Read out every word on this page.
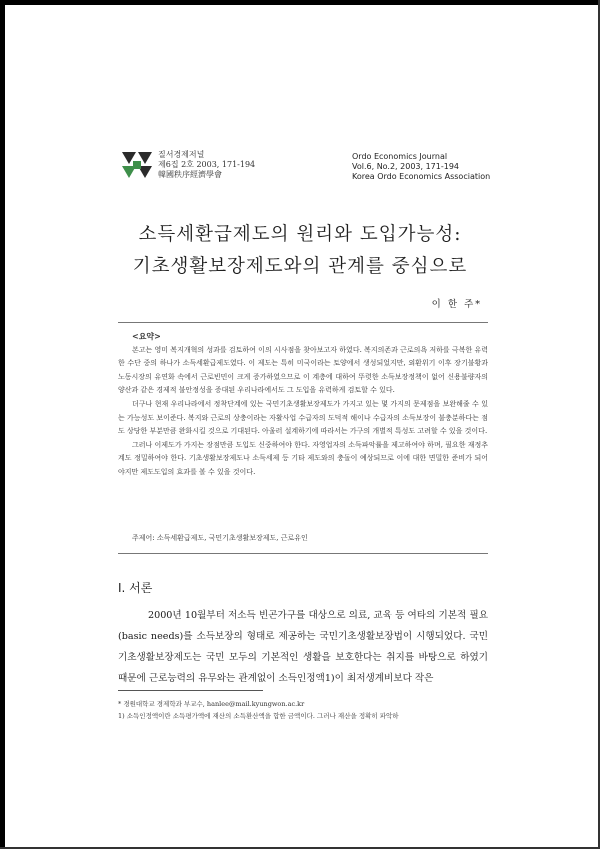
질서경제저널
제6집 2호 2003, 171-194
韓國秩序經濟學會
Ordo Economics Journal
Vol.6, No.2, 2003, 171-194
Korea Ordo Economics Association
소득세환급제도의 원리와 도입가능성:
기초생활보장제도와의 관계를 중심으로
이 한 주*
<요약>

본고는 영미 복지개혁의 성과를 검토하여 이의 시사점을 찾아보고자 하였다. 복지의존과 근로의욕 저하를 극복한 유력한 수단 중의 하나가 소득세환급제도였다. 이 제도는 특히 미국이라는 토양에서 생성되었지만, 외환위기 이후 장기불황과 노동시장의 유연화 속에서 근로빈민이 크게 증가하였으므로 이 계층에 대하여 뚜렷한 소득보장정책이 없어 신용불량자의 양산과 같은 경제적 불안정성을 증대된 우리나라에서도 그 도입을 유력하게 검토할 수 있다.

더구나 현재 우리나라에서 정착단계에 있는 국민기초생활보장제도가 가지고 있는 몇 가지의 문제점을 보완해줄 수 있는 가능성도 보이준다. 복지와 근로의 상충이라는 자활사업 수급자의 도덕적 해이나 수급자의 소득보장이 불충분하다는 점도 상당한 부분만큼 완화시킬 것으로 기대된다. 아울러 설계하기에 따라서는 가구의 개별적 특성도 고려할 수 있을 것이다.

그러나 이제도가 가지는 장점만큼 도입도 신중하여야 한다. 자영업자의 소득파악률을 제고하여야 하며, 필요한 재정추계도 정밀하여야 한다. 기초생활보장제도나 소득세제 등 기타 제도와의 충돌이 예상되므로 이에 대한 면밀한 준비가 되어야지만 제도도입의 효과를 볼 수 있을 것이다.

주제어: 소득세환급제도, 국민기초생활보장제도, 근로유인
Ⅰ. 서론

2000년 10월부터 저소득 빈곤가구를 대상으로 의료, 교육 등 여타의 기본적 필요(basic needs)를 소득보장의 형태로 제공하는 국민기초생활보장법이 시행되었다. 국민기초생활보장제도는 국민 모두의 기본적인 생활을 보호한다는 취지를 바탕으로 하였기 때문에 근로능력의 유무와는 관계없이 소득인정액1)이 최저생계비보다 작은

* 경원대학교 경제학과 부교수, hanlee@mail.kyungwon.ac.kr
1) 소득인정액이란 소득평가액에 재산의 소득환산액을 합한 금액이다. 그러나 재산을 정확히 파악하
